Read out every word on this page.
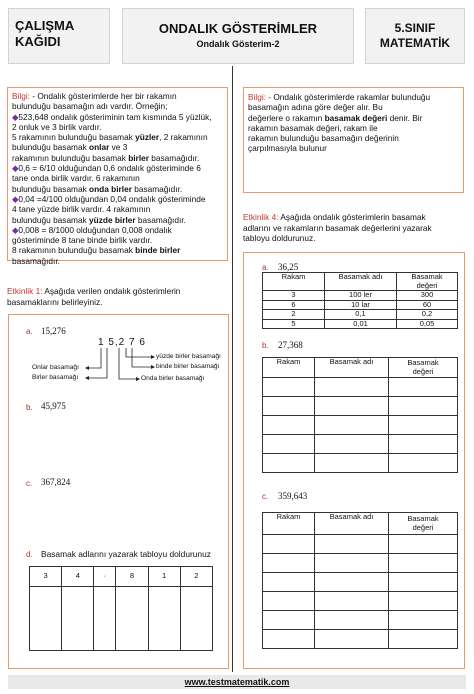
ÇALIŞMA
KAĞIDI
ONDALIK GÖSTERİMLER
Ondalık Gösterim-2
5.SINIF
MATEMATİK
Bilgi: - Ondalık gösterimlerde her bir rakamın
bulunduğu basamağın adı vardır. Örneğin;
◆523,648 ondalık gösteriminin tam kısmında 5 yüzlük,
2 onluk ve 3 birlik vardır.
5 rakamının bulunduğu basamak yüzler, 2 rakamının
bulunduğu basamak onlar ve 3
rakamının bulunduğu basamak birler basamağıdır.
◆0,6 = 6/10 olduğundan 0,6 ondalık gösteriminde 6
tane onda birlik vardır. 6 rakamının
bulunduğu basamak onda birler basamağıdır.
◆0,04 =4/100 olduğundan 0,04 ondalık gösteriminde
4 tane yüzde birlik vardır. 4 rakamının
bulunduğu basamak yüzde birler basamağıdır.
◆0,008 = 8/1000 olduğundan 0,008 ondalık
gösteriminde 8 tane binde birlik vardır.
8 rakamının bulunduğu basamak binde birler
basamağıdır.
Etkinlik 1: Aşağıda verilen ondalık gösterimlerin
basamaklarını belirleyiniz.
a. 15,276
1 5,2 7 6
Onlar basamağı
Birler basamağı
yüzde birler basamağı
binde birler basamağı
Onda birler basamağı
b. 45,975
c. 367,824
d. Basamak adlarını yazarak tabloyu doldurunuz
3	4	·	8	1	2

Bilgi: - Ondalık gösterimlerde rakamlar bulunduğu
basamağın adına göre değer alır. Bu
değerlere o rakamın basamak değeri denir. Bir
rakamın basamak değeri, rakam ile
rakamın bulunduğu basamağın değerinin
çarpılmasıyla bulunur
Etkinlik 4: Aşağıda ondalık gösterimlerin basamak
adlarını ve rakamların basamak değerlerini yazarak
tabloyu doldurunuz.
a. 36,25
Rakam	Basamak adı	Basamak
değeri

3	100 ler	300
6	10 lar	60
2	0,1	0,2
5	0,01	0,05
b. 27,368
Rakam	Basamak adı	Basamak
değeri

c. 359,643
Rakam	Basamak adı	Basamak
değeri

www.testmatematik.com
